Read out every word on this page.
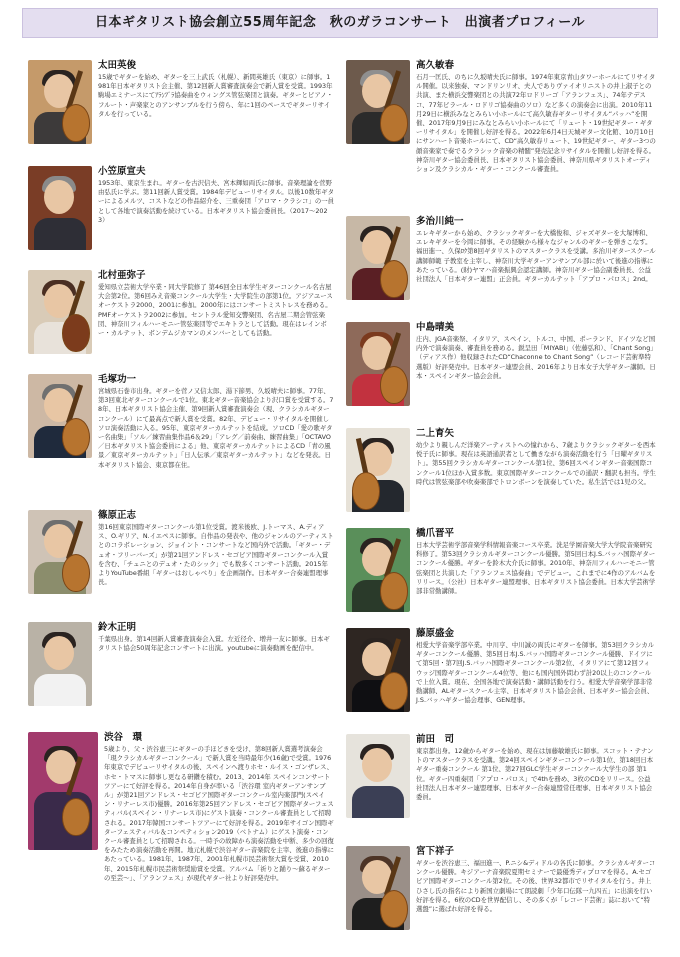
日本ギタリスト協会創立55周年記念　秋のガラコンサート　出演者プロフィール
太田英俊
15歳でギターを始め、ギターを三上武氏（札幌）、新間英雄氏（東京）に師事。1981年日本ギタリスト会主催、第12回新人賞審査演奏会で新人賞を受賞。1993年駒場エミナースにてｱﾗﾝﾌﾞﾗ協奏曲をウィングス管弦楽団と演奏。ギターとピアノ・フルート・声楽家とのアンサンブルを行う傍ら、年に1回のペースでギターリサイタルを行っている。
小笠原宣夫
1953年、東京生まれ。ギターを古沢信夫、宮本輝如両氏に師事。音楽理論を菅野由弘氏に学ぶ。第11回新人賞受賞。1984年デビューリサイタル。以後10数年ギターによるメルツ、コストなどの作品紹介を、三重奏団「アロマ・クラシコ」の一員として各地で演奏活動を続けている。日本ギタリスト協会委員長。（2017～2023）
北村亜弥子
愛知県立芸術大学卒業・同大学院修了 第46回全日本学生ギターコンクール名古屋大会第2位。第6回みえ音楽コンクール大学生・大学院生の部第1位。アジアユースオーケストラ2000、2001に参加。2000年にはコンサートミストレスを務める。PMFオーケストラ2002に参加。セントラル愛知交響楽団、名古屋二期会管弦楽団、神奈川フィルハーモニー管弦楽団等でエキトラとして活動。現在はレインボー・カルテット、ボンデムジカマンのメンバーとしても活動。
毛塚功一
宮城県石巻市出身。ギターを菅ノ又信太郎、湯下節男、久坂晴夫に師事。77年、第3回東北ギターコンクールで1位。東北ギター音楽協会より沢口賞を受賞する。78年、日本ギタリスト協会主催、第9回新人賞審査演奏会（現、クラシカルギターコンクール）にて最高点で新人賞を受賞。82年、デビュー・リサイタルを開催しソロ演奏活動に入る。95年、東京ギターカルテットを結成。ソロCD「愛の歌ギター名曲集」「ソル／練習曲集作品6＆29」「アレグ／前奏曲、練習曲集」「OCTAVO／日本ギタリスト協会委員による」他、東京ギターカルテットによるCD「青の風景／東京ギターカルテット」「日人伝承／東京ギターカルテット」などを発表。日本ギタリスト協会、東京都在住。
篠原正志
第16回東京国際ギターコンクール第1位受賞。渡米後欧、J.トーマス、A.ディアス、O.ギリア、N.イエペスに師事。自作品の発表や、他のジャンルのアーティストとのコラボレーション、ジョイント・コンサートなど国内外で活動。「ギター・デュオ・フリーバーズ」が第21回アンドレス・セゴビア国際ギターコンクール入賞を含む、「チュニとのデュオ・たのシック」でも数多くコンサート活動。2015年よりYouTube番組「ギターはおしゃべり」を企画制作。日本ギター合奏連盟理事長。
鈴木正明
千葉県出身。第14回新人賞審査演奏会入賞。左近径介、増井一友に師事。日本ギタリスト協会50周年記念コンサートに出演。youtubeに演奏動画を配信中。
渋谷　環
5歳より、父・渋谷恵三にギターの手ほどきを受け、第8回新人賞選考演奏会「現クラシカルギターコンクール」で新人賞を当時最年少(16歳)で受賞。1976年東京でデビューリサイタルの後、スペインへ渡りホセ・ルイス・ゴンザレス、ホセ・トマスに師事し更なる研鑽を積む。2013、2014年 スペインコンサートツアーにて好評を得る。2014年自身が率いる「渋谷環 室内ギターアンサンブル」が第21回アンドレス・セゴビア国際ギターコンクール室内楽部門(スペイン・リナーレス市)優勝。2016年第25回アンドレス・セゴビア国際ギターフェスティバル(スペイン・リナーレス市)にゲスト演奏・コンクール審査員として招聘される。2017年韓国コンサートツアーにて好評を得る。2019年サイゴン国際ギターフェスティバル＆コンペティション2019（ベトナム）にゲスト演奏・コンクール審査員として招聘される。一時予の故障から演奏活動を中断、多少の回復をみたため演奏活動を再開。地元札幌で渋谷ギター音楽院を主宰、後進の指導にあたっている。1981年、1987年、2001年札幌市民芸術祭大賞を受賞、2010年、2015年札幌市民芸術祭奨励賞を受賞。アルバム「祈りと踊り～蘇るギターの至芸～」、「アランフェス」が現代ギター社より好評発売中。
高久敏春
石月一匡氏、のちに久坂晴夫氏に師事。1974年東京青山タワーホールにてリサイタル開催。以来独奏、マンドリンリオ、夫人でありヴァイオリニストの井上淑子との共演、また横浜交響楽団との共演72年ロドリーゴ「アランフェス」、74年テデスコ、77年ピラール・ロドリゴ協奏曲のソロ）など多くの演奏会に出演。2010年11月29日に横浜みなとみらい小ホールにて高久敏春ギターリサイタル“パッハ”を開催、2017年9月9日にみなとみらい小ホールにて「リュート・19世紀ギター・ギターリサイタル」を開催し好評を得る。2022年6月4日天城ギター文化館、10月10日にサンハート音楽ホールにて、CD“高久敏春リュート、19世紀ギター、ギター3つの顔音楽家で奏でるクラシック音楽の精髄”発売記念リサイタルを開催し好評を得る。神奈川ギター協会委員長、日本ギタリスト協会委員、神奈川県ギタリストオーディション及クラシカル・ギター・コンクール審査員。
多治川純一
エレキギターから始め、クラシックギターを大橋俊和、ジャズギターを大塚博和、エレキギターを今岡に師事。その経験から様々なジャンルのギターを弾きこなす。福田進一、久保ﾛｸ第8回ギタリストのマスタークラスを受講。多治川ギタースクール講師師範 子教室を主宰し、神奈川大学ギターアンサンブル部に於いて後進の指導にあたっている。(財)ヤマハ音楽振興会認定講師。神奈川ギター協会副委員長、公益社団法人「日本ギター連盟」正会員。ギターカルテット「アプロ・パロス」2nd。
中島晴美
庄内、JGA音楽祭、イタリア、スペイン、トルコ、中国、ポーランド、ドイツなど国内外で演奏演奏、審査員を務める。鋭呈田「MIYABI」（佐藤弘和）、「Chant Song」（ディアス作）他収録されたCD“Chaconne to Chant Song”（レコード芸術準特選版）好評発売中。日本ギター連盟会員、2016年より日本女子大学ギター講師。日本・スペインギター協会会員。
二上育矢
幼少より親しんだ洋楽アーティストへの憧れから、7歳よりクラシックギターを西本悦子氏に師事。現在は英語通訳者として働きながら演奏活動を行う「日曜ギタリスト」。第55回クラシカルギターコンクール第1位、第6回スペインギター音楽国際コンクール1位ほか入賞多数。東京国際ギターコンクールでの通訳・翻訳も担当。学生時代は管弦楽部や吹奏楽部でトロンボーンを演奏していた。私生活では1児の父。
橋爪晋平
日本大学芸術学部音楽学科情報音楽コース卒業。洗足学園音楽大学大学院音楽研究科修了。第53回クラシカルギターコンクール優勝。第5回日本J.S.バッハ国際ギターコンクール優勝。ギターを鈴木大介氏に師事。2010年、神奈川フィルハーモニー管弦楽団と共演した「アランフェス協奏曲」でデビュー。これまでに4作のアルバムをリリース。（公社）日本ギター連盟理事、日本ギタリスト協会委員。日本大学芸術学部非常勤講師。
藤原盛金
相愛大学音楽学部卒業。中川亨、中川誠の両氏にギターを師事。第53回クラシカルギターコンクール優勝、第5回日本J.S.バッハ国際ギターコンクール優勝、ドイツにて第5回・第7回J.S.バッハ国際ギターコンクール第2位、イタリアにて第12回フィウッジ国際ギターコンクール4位等、他にも国内国外問わず計20以上のコンクールで上位入賞。現在、全国各地で演奏活動・講師活動を行う。相愛大学音楽学部非常勤講師、ALギタースクール主宰、日本ギタリスト協会会員、日本ギター協会会員、J.S.バッハギター協会理事、GEN理事。
前田　司
東京都出身。12歳からギターを始め、現在は加藤敏雄氏に師事。スコット・テナントのマスタークラスを受講。第24回スペインギターコンクール第1位、第18回日本ギター重奏コンクール 第1位、第27回GLC学生ギターコンクール大学生の部 第1位。ギター四重奏団「アプロ・パロス」で4thを務め、3枚のCDをリリース。公益社団法人日本ギター連盟理事、日本ギター合奏連盟常任理事、日本ギタリスト協会委員。
宮下祥子
ギターを渋谷恵三、福田進一、P.ニシ&ディドルの各氏に師事。クラシカルギターコンクール優勝。キジアーナ音楽院夏期セミナーで最優秀ディプロマを得る。A.セゴビア国際ギターコンクール第2位。その後、世界32都市でリサイタルを行う。井上ひさし氏の指名により新国立劇場にて朗読劇「少年口伝隊一九四五」に出演を行い好評を得る。6枚のCDを世界配信し、その多くが「レコード芸術」誌において“特選盤”に選ばれ好評を得る。
